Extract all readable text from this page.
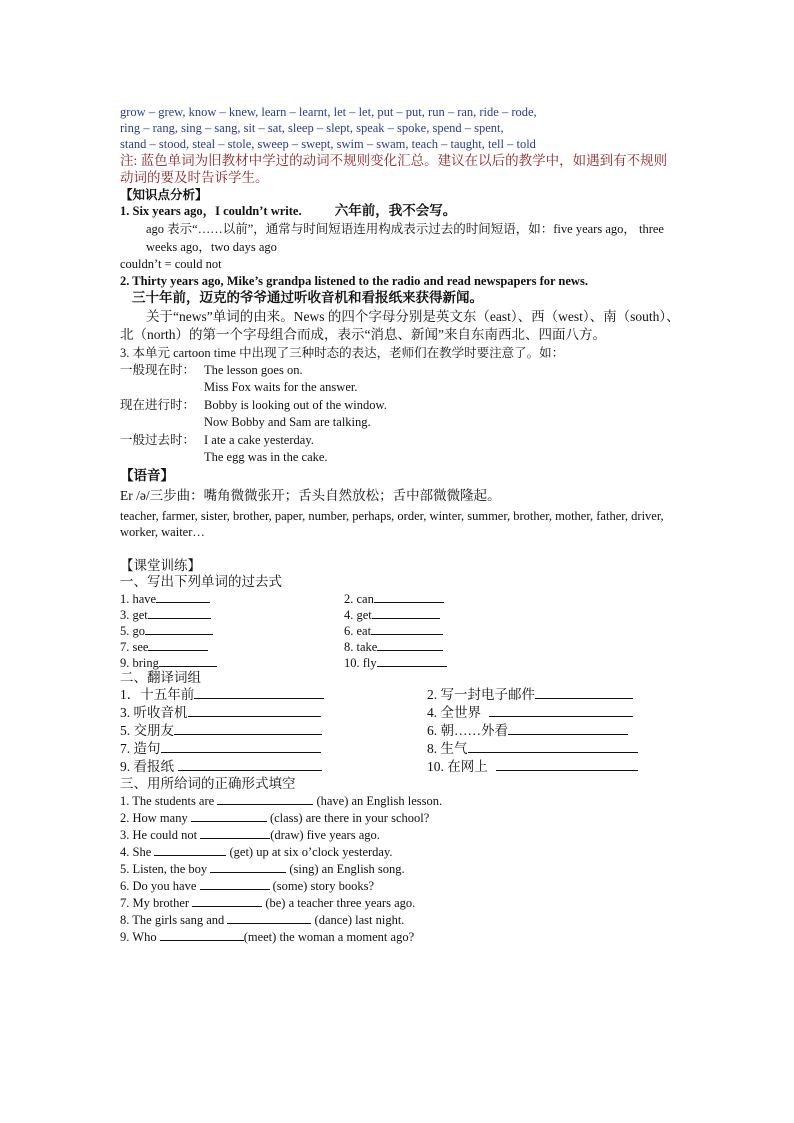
grow – grew, know – knew, learn – learnt, let – let, put – put, run – ran, ride – rode,
ring – rang, sing – sang, sit – sat, sleep – slept, speak – spoke, spend – spent,
stand – stood, steal – stole, sweep – swept, swim – swam, teach – taught, tell – told
注: 蓝色单词为旧教材中学过的动词不规则变化汇总。建议在以后的教学中，如遇到有不规则动词的要及时告诉学生。
【知识点分析】
1. Six years ago，I couldn’t write. 六年前，我不会写。
ago 表示“……以前”，通常与时间短语连用构成表示过去的时间短语，如：five years ago， three weeks ago，two days ago
couldn’t = could not
2. Thirty years ago, Mike’s grandpa listened to the radio and read newspapers for news.
三十年前，迈克的爷爷通过听收音机和看报纸来获得新闻。
关于“news”单词的由来。News 的四个字母分别是英文东（east）、西（west）、南（south）、北（north）的第一个字母组合而成，表示“消息、新闻”来自东南西北、四面八方。
3. 本单元 cartoon time 中出现了三种时态的表达，老师们在教学时要注意了。如：
一般现在时： The lesson goes on.
Miss Fox waits for the answer.
现在进行时： Bobby is looking out of the window.
Now Bobby and Sam are talking.
一般过去时： I ate a cake yesterday.
The egg was in the cake.
【语音】
Er /ə/三步曲：嘴角微微张开；舌头自然放松；舌中部微微隆起。
teacher, farmer, sister, brother, paper, number, perhaps, order, winter, summer, brother, mother, father, driver, worker, waiter…
【课堂训练】
一、写出下列单词的过去式
1. have	2. can
3. get	4. get
5. go	6. eat
7. see	8. take
9. bring	10. fly
二、翻译词组
1．十五年前	2. 写一封电子邮件
3. 听收音机	4. 全世界
5. 交朋友	6. 朝……外看
7. 造句	8. 生气
9. 看报纸	10. 在网上
三、用所给词的正确形式填空
1. The students are	(have) an English lesson.
2. How many	(class) are there in your school?
3. He could not	(draw) five years ago.
4. She	(get) up at six o’clock yesterday.
5. Listen, the boy	(sing) an English song.
6. Do you have	(some) story books?
7. My brother	(be) a teacher three years ago.
8. The girls sang and	(dance) last night.
9. Who	(meet) the woman a moment ago?
